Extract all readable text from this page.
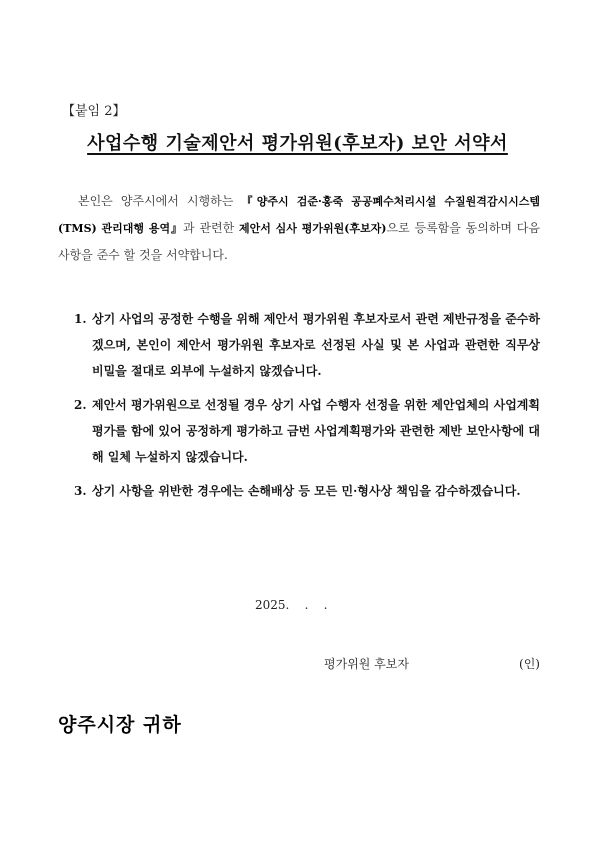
【붙임 2】
사업수행 기술제안서 평가위원(후보자) 보안 서약서
본인은 양주시에서 시행하는 『양주시 검준·홍죽 공공폐수처리시설 수질원격감시시스템(TMS) 관리대행 용역』과 관련한 제안서 심사 평가위원(후보자)으로 등록함을 동의하며 다음 사항을 준수 할 것을 서약합니다.
1. 상기 사업의 공정한 수행을 위해 제안서 평가위원 후보자로서 관련 제반규정을 준수하겠으며, 본인이 제안서 평가위원 후보자로 선정된 사실 및 본 사업과 관련한 직무상 비밀을 절대로 외부에 누설하지 않겠습니다.
2. 제안서 평가위원으로 선정될 경우 상기 사업 수행자 선정을 위한 제안업체의 사업계획평가를 함에 있어 공정하게 평가하고 금번 사업계획평가와 관련한 제반 보안사항에 대해 일체 누설하지 않겠습니다.
3. 상기 사항을 위반한 경우에는 손해배상 등 모든 민·형사상 책임을 감수하겠습니다.
2025.    .    .
평가위원 후보자	(인)
양주시장 귀하
